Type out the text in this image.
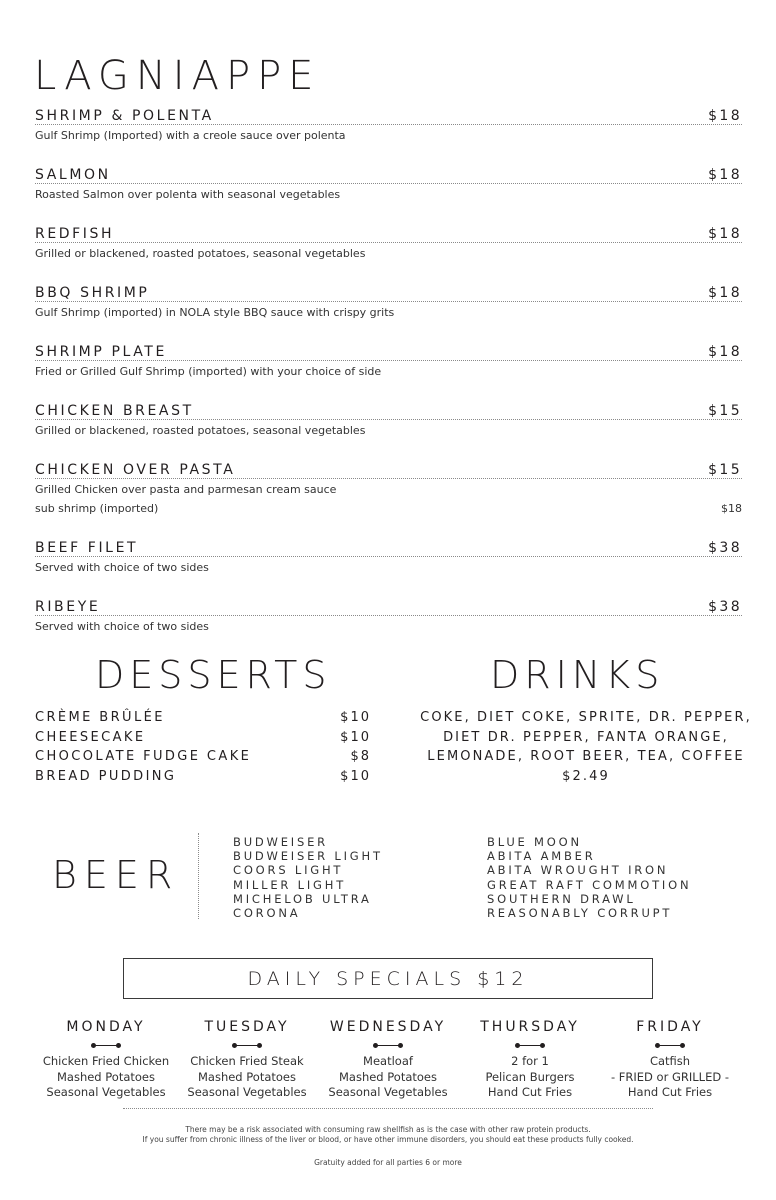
LAGNIAPPE
SHRIMP & POLENTA	$18
Gulf Shrimp (Imported) with a creole sauce over polenta
SALMON	$18
Roasted Salmon over polenta with seasonal vegetables
REDFISH	$18
Grilled or blackened, roasted potatoes, seasonal vegetables
BBQ SHRIMP	$18
Gulf Shrimp (imported) in NOLA style BBQ sauce with crispy grits
SHRIMP PLATE	$18
Fried or Grilled Gulf Shrimp (imported) with your choice of side
CHICKEN BREAST	$15
Grilled or blackened, roasted potatoes, seasonal vegetables
CHICKEN OVER PASTA	$15
Grilled Chicken over pasta and parmesan cream sauce
sub shrimp (imported)	$18
BEEF FILET	$38
Served with choice of two sides
RIBEYE	$38
Served with choice of two sides
DESSERTS
CRÈME BRÛLÉE	$10
CHEESECAKE	$10
CHOCOLATE FUDGE CAKE	$8
BREAD PUDDING	$10
DRINKS
COKE, DIET COKE, SPRITE, DR. PEPPER,
DIET DR. PEPPER, FANTA ORANGE,
LEMONADE, ROOT BEER, TEA, COFFEE
$2.49
BEER
BUDWEISER
BUDWEISER LIGHT
COORS LIGHT
MILLER LIGHT
MICHELOB ULTRA
CORONA
BLUE MOON
ABITA AMBER
ABITA WROUGHT IRON
GREAT RAFT COMMOTION
SOUTHERN DRAWL
REASONABLY CORRUPT
DAILY SPECIALS $12
MONDAY
Chicken Fried Chicken
Mashed Potatoes
Seasonal Vegetables
TUESDAY
Chicken Fried Steak
Mashed Potatoes
Seasonal Vegetables
WEDNESDAY
Meatloaf
Mashed Potatoes
Seasonal Vegetables
THURSDAY
2 for 1
Pelican Burgers
Hand Cut Fries
FRIDAY
Catfish
- FRIED or GRILLED -
Hand Cut Fries
There may be a risk associated with consuming raw shellfish as is the case with other raw protein products.
If you suffer from chronic illness of the liver or blood, or have other immune disorders, you should eat these products fully cooked.
Gratuity added for all parties 6 or more
